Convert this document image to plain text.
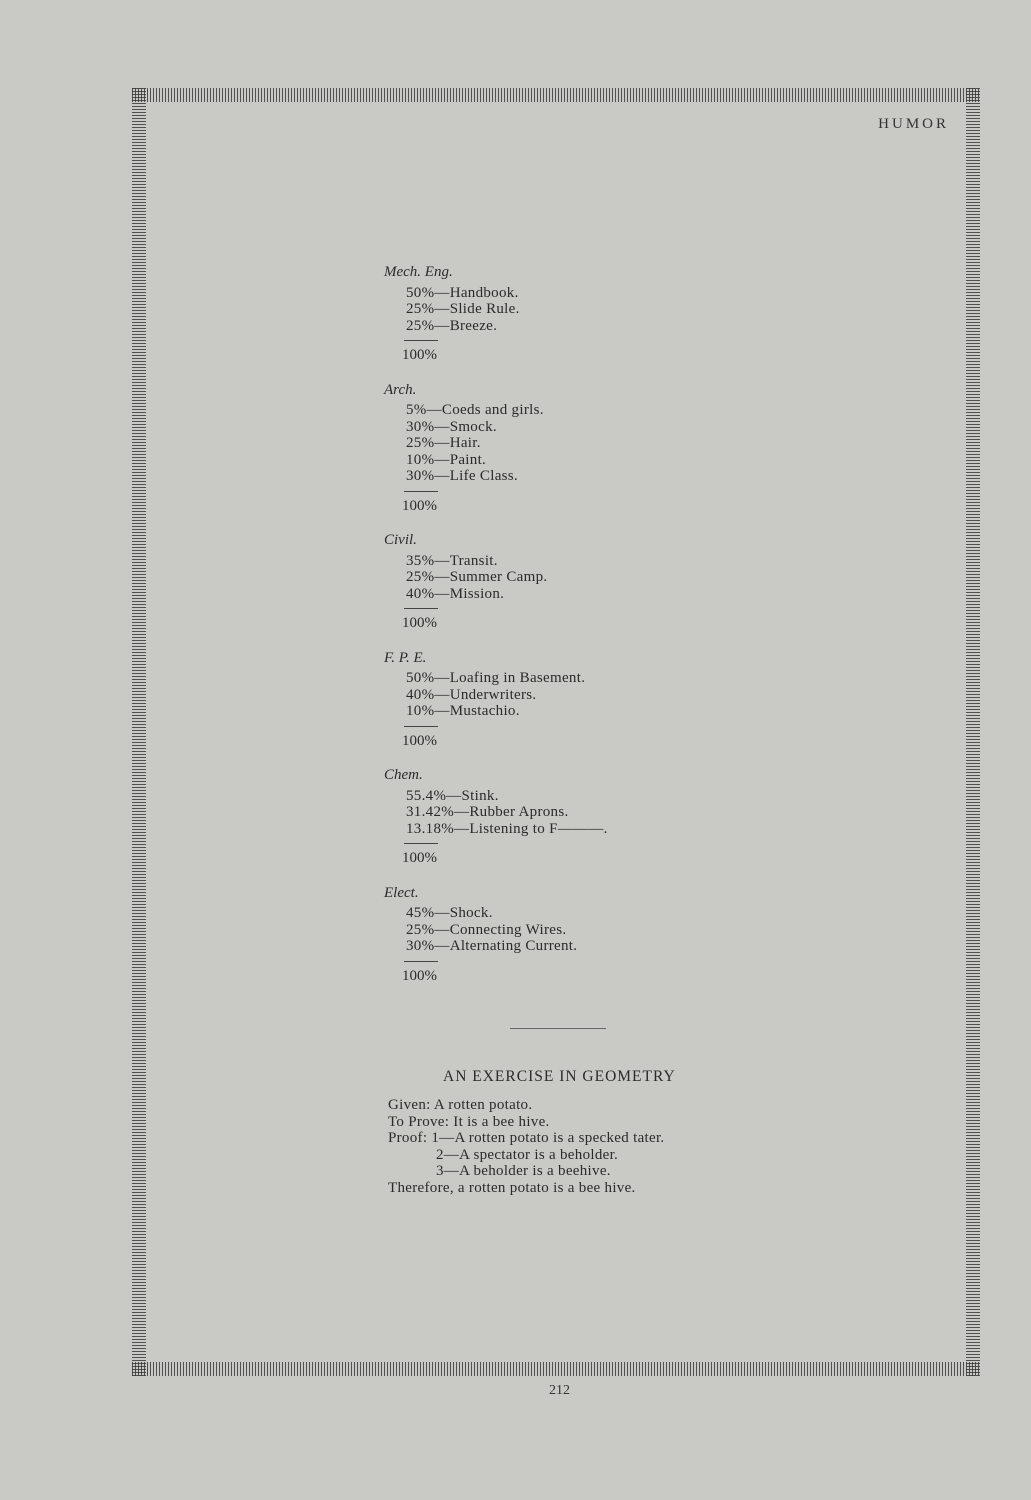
HUMOR
Mech. Eng.
50%—Handbook.
25%—Slide Rule.
25%—Breeze.
100%
Arch.
5%—Coeds and girls.
30%—Smock.
25%—Hair.
10%—Paint.
30%—Life Class.
100%
Civil.
35%—Transit.
25%—Summer Camp.
40%—Mission.
100%
F. P. E.
50%—Loafing in Basement.
40%—Underwriters.
10%—Mustachio.
100%
Chem.
55.4%—Stink.
31.42%—Rubber Aprons.
13.18%—Listening to F———.
100%
Elect.
45%—Shock.
25%—Connecting Wires.
30%—Alternating Current.
100%
AN EXERCISE IN GEOMETRY
Given: A rotten potato.
To Prove: It is a bee hive.
Proof: 1—A rotten potato is a specked tater.
2—A spectator is a beholder.
3—A beholder is a beehive.
Therefore, a rotten potato is a bee hive.
212
